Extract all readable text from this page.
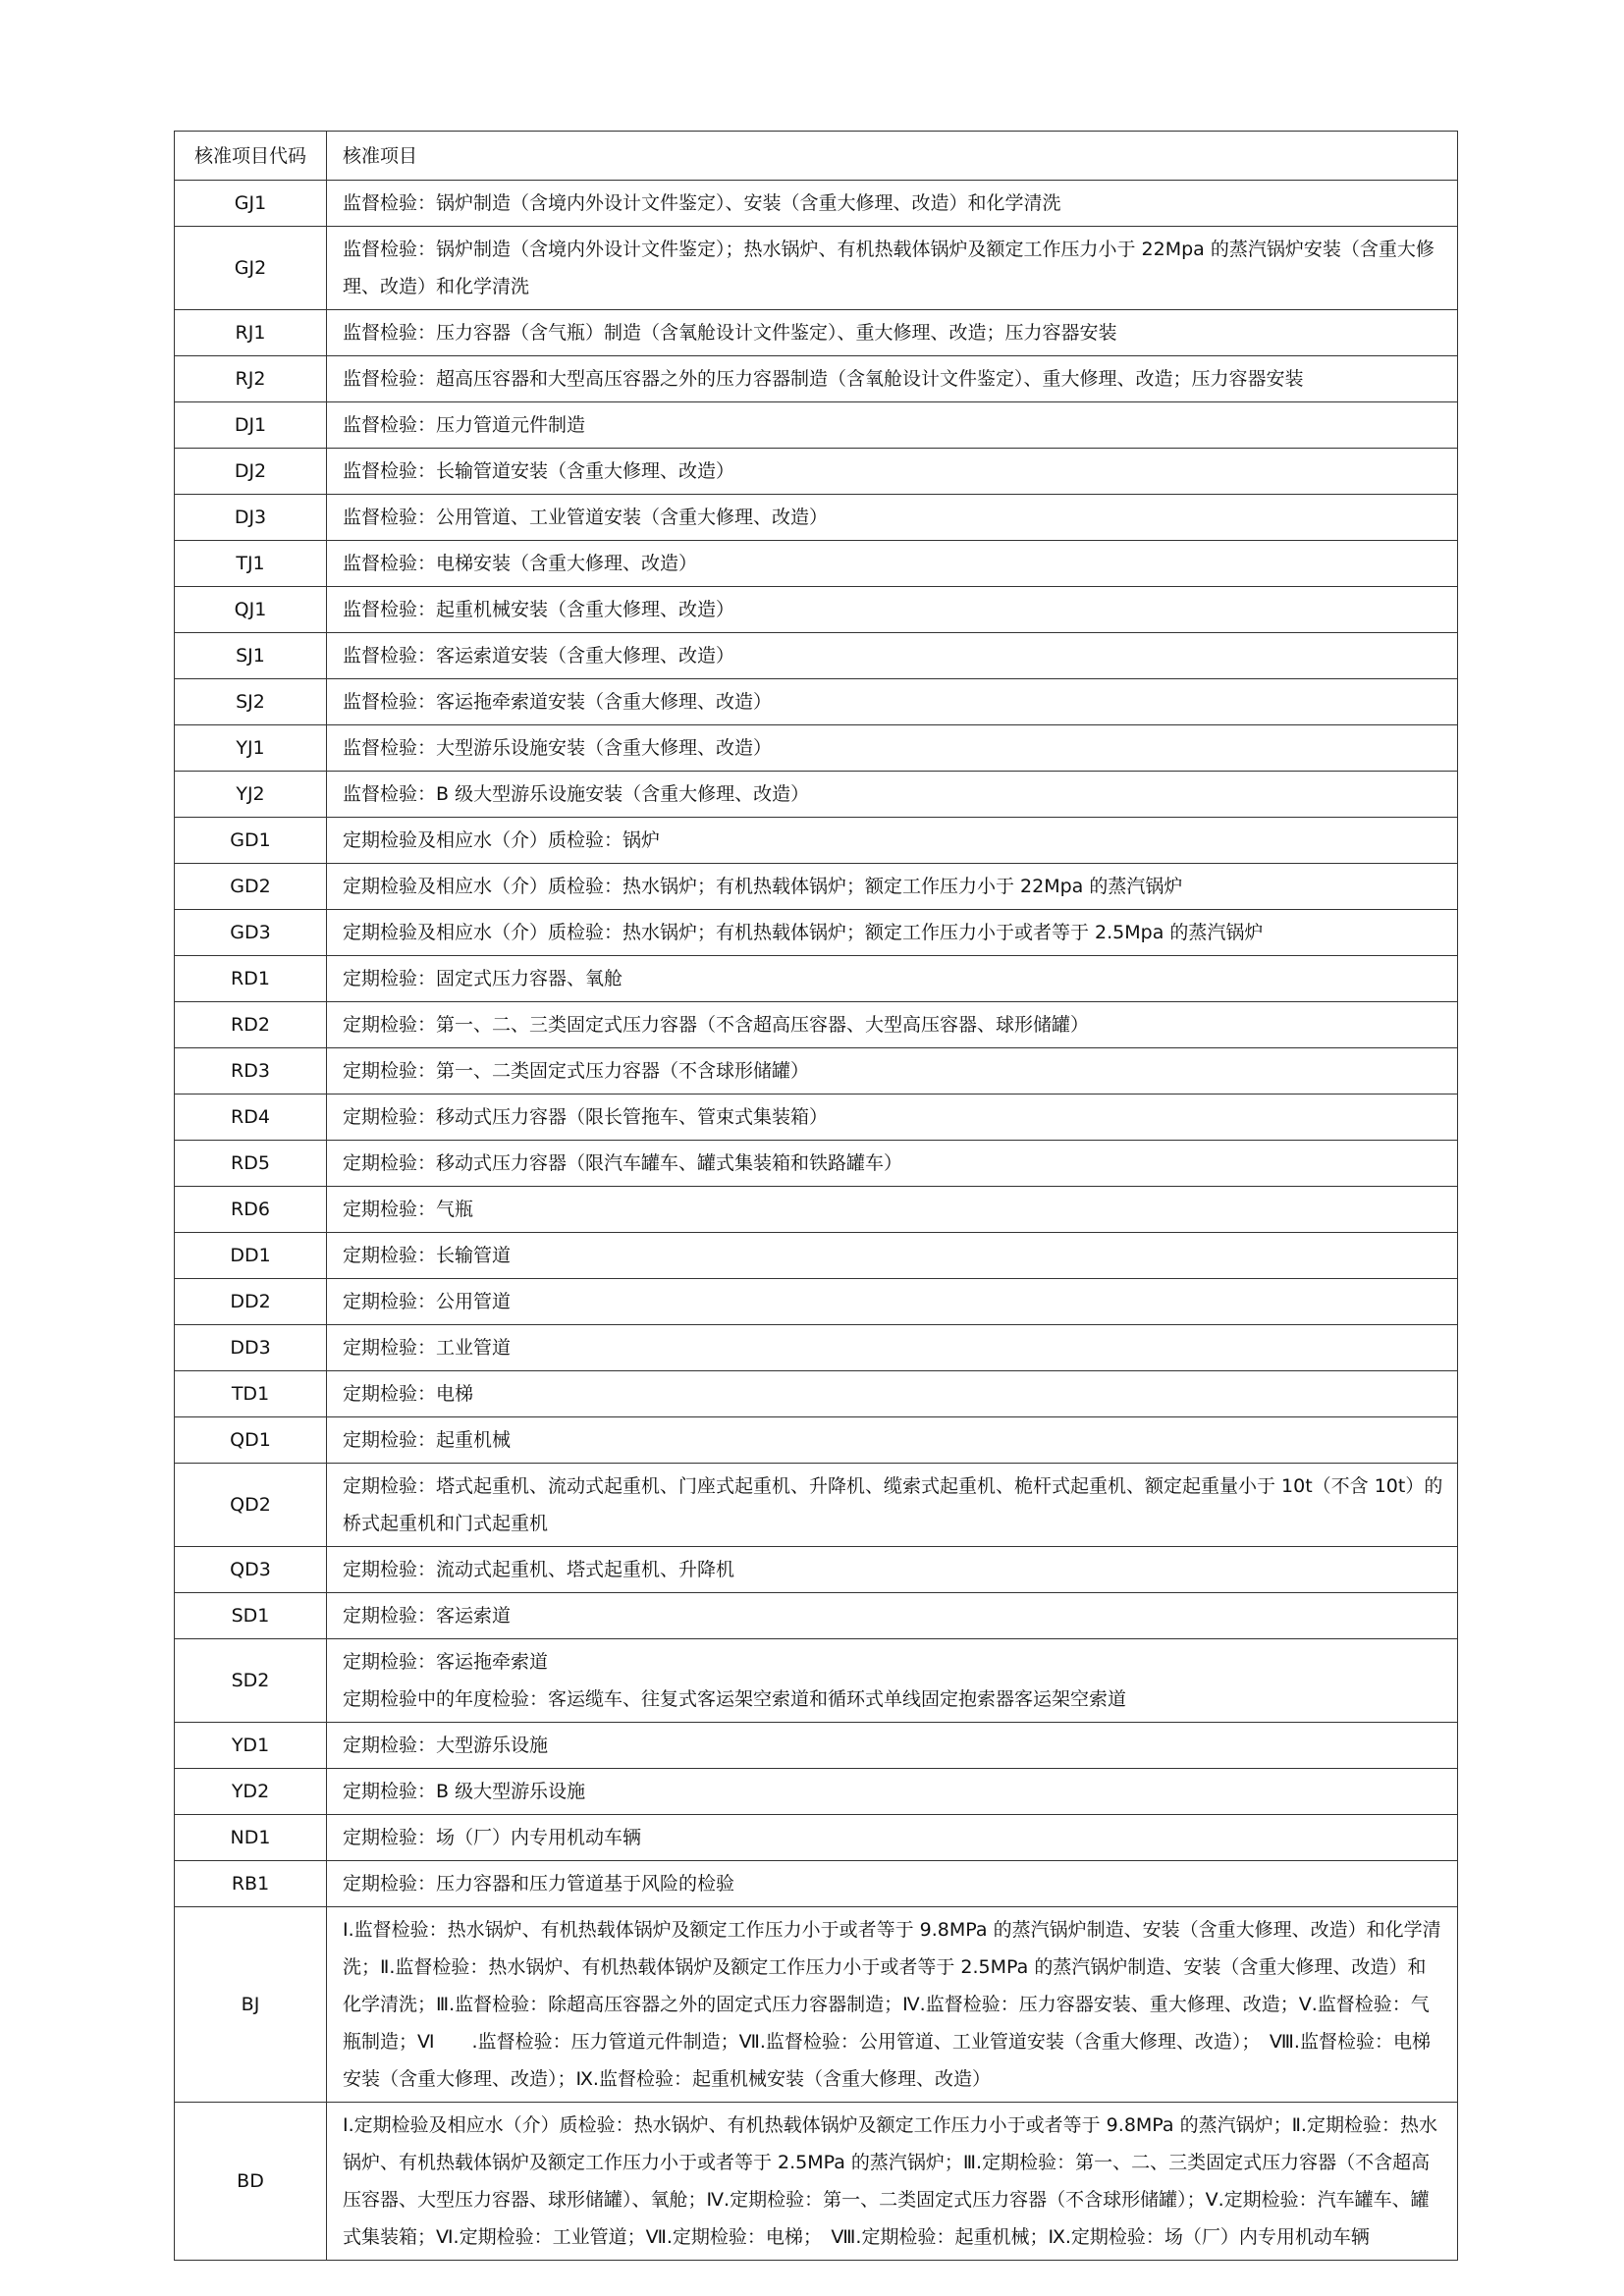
核准项目代码	核准项目
GJ1	监督检验：锅炉制造（含境内外设计文件鉴定）、安装（含重大修理、改造）和化学清洗

GJ2	监督检验：锅炉制造（含境内外设计文件鉴定）；热水锅炉、有机热载体锅炉及额定工作压力小于 22Mpa 的蒸汽锅炉安装（含重大修理、改造）和化学清洗

RJ1	监督检验：压力容器（含气瓶）制造（含氧舱设计文件鉴定）、重大修理、改造；压力容器安装

RJ2	监督检验：超高压容器和大型高压容器之外的压力容器制造（含氧舱设计文件鉴定）、重大修理、改造；压力容器安装

DJ1	监督检验：压力管道元件制造

DJ2	监督检验：长输管道安装（含重大修理、改造）

DJ3	监督检验：公用管道、工业管道安装（含重大修理、改造）

TJ1	监督检验：电梯安装（含重大修理、改造）

QJ1	监督检验：起重机械安装（含重大修理、改造）

SJ1	监督检验：客运索道安装（含重大修理、改造）

SJ2	监督检验：客运拖牵索道安装（含重大修理、改造）

YJ1	监督检验：大型游乐设施安装（含重大修理、改造）

YJ2	监督检验：B 级大型游乐设施安装（含重大修理、改造）

GD1	定期检验及相应水（介）质检验：锅炉

GD2	定期检验及相应水（介）质检验：热水锅炉；有机热载体锅炉；额定工作压力小于 22Mpa 的蒸汽锅炉

GD3	定期检验及相应水（介）质检验：热水锅炉；有机热载体锅炉；额定工作压力小于或者等于 2.5Mpa 的蒸汽锅炉

RD1	定期检验：固定式压力容器、氧舱

RD2	定期检验：第一、二、三类固定式压力容器（不含超高压容器、大型高压容器、球形储罐）

RD3	定期检验：第一、二类固定式压力容器（不含球形储罐）

RD4	定期检验：移动式压力容器（限长管拖车、管束式集装箱）

RD5	定期检验：移动式压力容器（限汽车罐车、罐式集装箱和铁路罐车）

RD6	定期检验：气瓶

DD1	定期检验：长输管道

DD2	定期检验：公用管道

DD3	定期检验：工业管道

TD1	定期检验：电梯

QD1	定期检验：起重机械

QD2	定期检验：塔式起重机、流动式起重机、门座式起重机、升降机、缆索式起重机、桅杆式起重机、额定起重量小于 10t（不含 10t）的桥式起重机和门式起重机

QD3	定期检验：流动式起重机、塔式起重机、升降机

SD1	定期检验：客运索道

SD2	定期检验：客运拖牵索道
定期检验中的年度检验：客运缆车、往复式客运架空索道和循环式单线固定抱索器客运架空索道

YD1	定期检验：大型游乐设施

YD2	定期检验：B 级大型游乐设施

ND1	定期检验：场（厂）内专用机动车辆

RB1	定期检验：压力容器和压力管道基于风险的检验

BJ	Ⅰ.监督检验：热水锅炉、有机热载体锅炉及额定工作压力小于或者等于 9.8MPa 的蒸汽锅炉制造、安装（含重大修理、改造）和化学清洗；Ⅱ.监督检验：热水锅炉、有机热载体锅炉及额定工作压力小于或者等于 2.5MPa 的蒸汽锅炉制造、安装（含重大修理、改造）和化学清洗；Ⅲ.监督检验：除超高压容器之外的固定式压力容器制造；Ⅳ.监督检验：压力容器安装、重大修理、改造；Ⅴ.监督检验：气瓶制造；Ⅵ　　.监督检验：压力管道元件制造；Ⅶ.监督检验：公用管道、工业管道安装（含重大修理、改造）；　Ⅷ.监督检验：电梯安装（含重大修理、改造）；Ⅸ.监督检验：起重机械安装（含重大修理、改造）

BD	Ⅰ.定期检验及相应水（介）质检验：热水锅炉、有机热载体锅炉及额定工作压力小于或者等于 9.8MPa 的蒸汽锅炉；Ⅱ.定期检验：热水锅炉、有机热载体锅炉及额定工作压力小于或者等于 2.5MPa 的蒸汽锅炉；Ⅲ.定期检验：第一、二、三类固定式压力容器（不含超高压容器、大型压力容器、球形储罐）、氧舱；Ⅳ.定期检验：第一、二类固定式压力容器（不含球形储罐）；Ⅴ.定期检验：汽车罐车、罐式集装箱；Ⅵ.定期检验：工业管道；Ⅶ.定期检验：电梯；　Ⅷ.定期检验：起重机械；Ⅸ.定期检验：场（厂）内专用机动车辆
